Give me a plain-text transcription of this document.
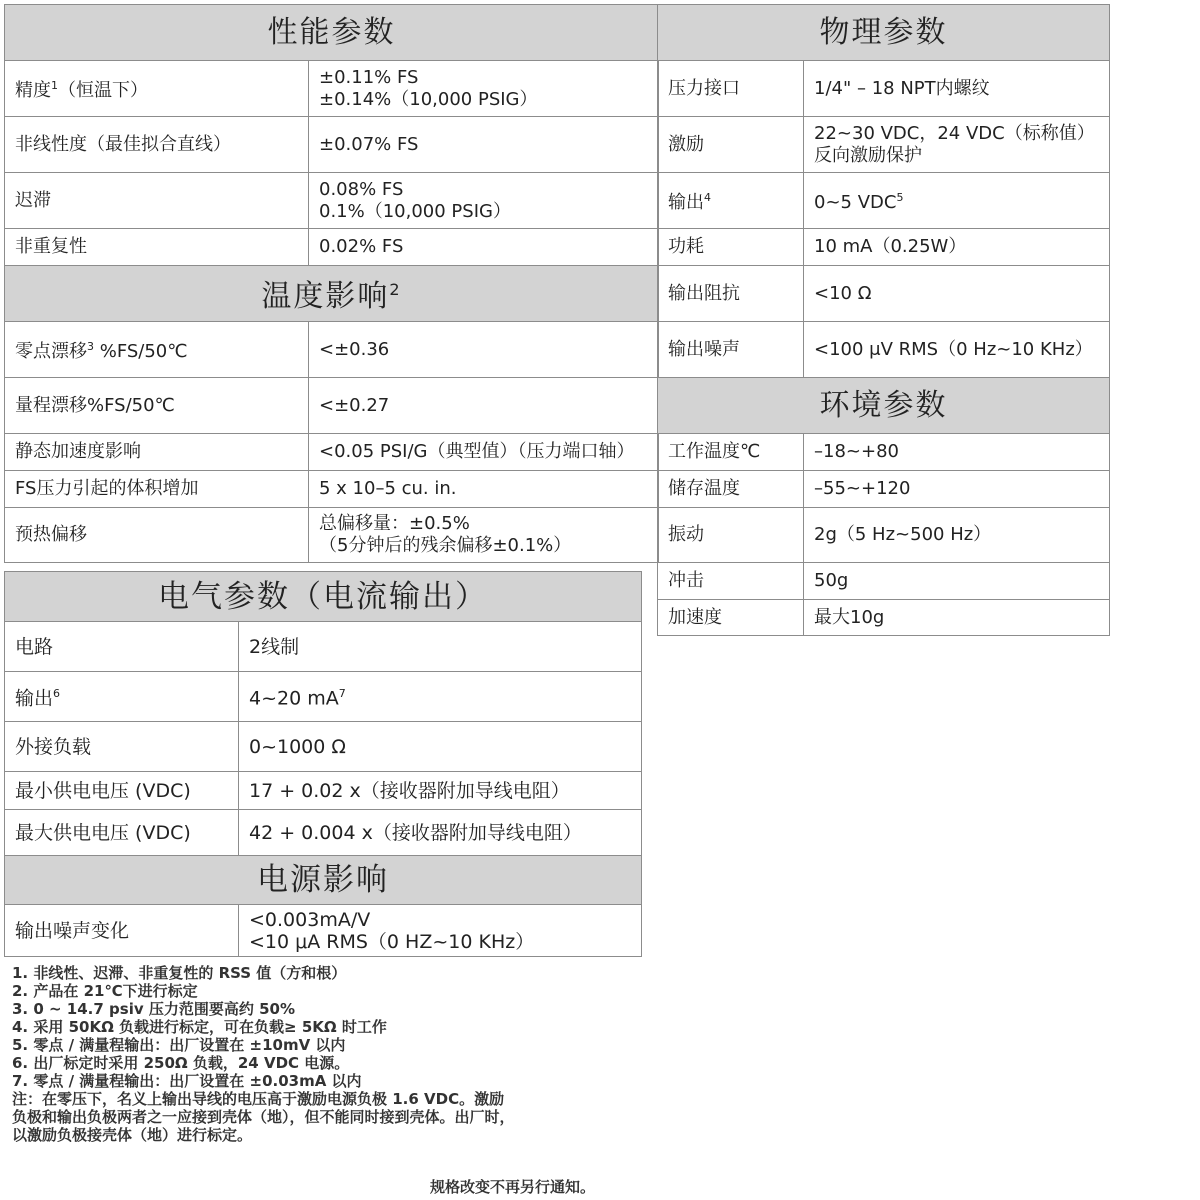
性能参数	
精度$^1$（恒温下）	±0.11% FS
±0.14%（10,000 PSIG）

非线性度（最佳拟合直线）	±0.07% FS
迟滞	0.08% FS
0.1%（10,000 PSIG）

非重复性	0.02% FS
温度影响$^2$
零点漂移$^3$ %FS/50℃	<±0.36
量程漂移%FS/50℃	<±0.27
静态加速度影响	<0.05 PSI/G（典型值）（压力端口轴）
FS压力引起的体积增加	5 x 10–5 cu. in.
预热偏移	总偏移量：±0.5%
（5分钟后的残余偏移±0.1%）
物理参数	
压力接口	1/4" – 18 NPT内螺纹
激励	22~30 VDC，24 VDC（标称值）
反向激励保护

输出$^4$	0~5 VDC$^5$
功耗	10 mA（0.25W）
输出阻抗	<10 Ω
输出噪声	<100 μV RMS（0 Hz~10 KHz）
环境参数	
工作温度℃	–18~+80
储存温度	–55~+120
振动	2g（5 Hz~500 Hz）
冲击	50g
加速度	最大10g
电气参数（电流输出）	
电路	2线制
输出$^6$	4~20 $mA^7$
外接负载	0~1000 Ω
最小供电电压 (VDC)	17 + 0.02 x（接收器附加导线电阻）
最大供电电压 (VDC)	42 + 0.004 x（接收器附加导线电阻）
电源影响	
输出噪声变化	<0.003mA/V
<10 μA RMS（0 HZ~10 KHz）
1. 非线性、迟滞、非重复性的 RSS 值（方和根）
2. 产品在 21℃下进行标定
3. 0 ~ 14.7 psiv 压力范围要高约 50%
4. 采用 50KΩ 负载进行标定，可在负载≥ 5KΩ 时工作
5. 零点 / 满量程输出：出厂设置在 ±10mV 以内
6. 出厂标定时采用 250Ω 负载，24 VDC 电源。
7. 零点 / 满量程输出：出厂设置在 ±0.03mA 以内
注：在零压下，名义上输出导线的电压高于激励电源负极 1.6 VDC。激励
负极和输出负极两者之一应接到壳体（地），但不能同时接到壳体。出厂时，
以激励负极接壳体（地）进行标定。
规格改变不再另行通知。
